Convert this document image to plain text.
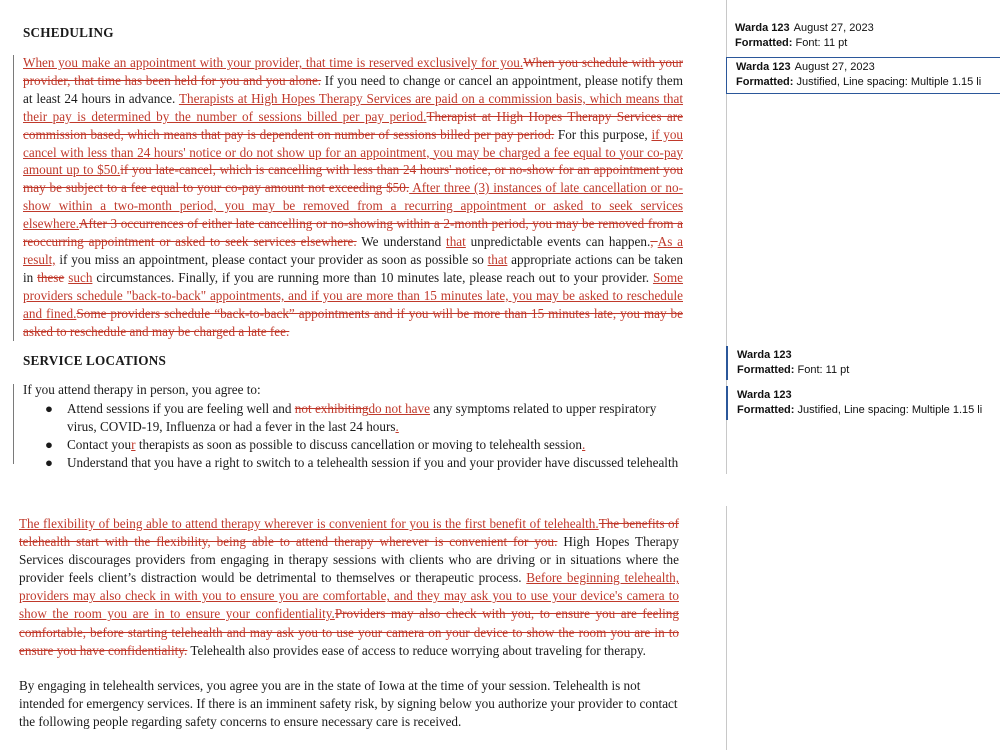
SCHEDULING
When you make an appointment with your provider, that time is reserved exclusively for you.When you schedule with your provider, that time has been held for you and you alone. If you need to change or cancel an appointment, please notify them at least 24 hours in advance. Therapists at High Hopes Therapy Services are paid on a commission basis, which means that their pay is determined by the number of sessions billed per pay period.Therapist at High Hopes Therapy Services are commission based, which means that pay is dependent on number of sessions billed per pay period. For this purpose, if you cancel with less than 24 hours' notice or do not show up for an appointment, you may be charged a fee equal to your co-pay amount up to $50.if you late-cancel, which is cancelling with less than 24 hours' notice, or no-show for an appointment you may be subject to a fee equal to your co-pay amount not exceeding $50. After three (3) instances of late cancellation or no-show within a two-month period, you may be removed from a recurring appointment or asked to seek services elsewhere.After 3 occurrences of either late cancelling or no-showing within a 2-month period, you may be removed from a reoccurring appointment or asked to seek services elsewhere. We understand that unpredictable events can happen., As a result, if you miss an appointment, please contact your provider as soon as possible so that appropriate actions can be taken in these such circumstances. Finally, if you are running more than 10 minutes late, please reach out to your provider. Some providers schedule "back-to-back" appointments, and if you are more than 15 minutes late, you may be asked to reschedule and fined.Some providers schedule “back-to-back” appointments and if you will be more than 15 minutes late, you may be asked to reschedule and may be charged a late fee.
SERVICE LOCATIONS
If you attend therapy in person, you agree to:
● Attend sessions if you are feeling well and not exhibitingdo not have any symptoms related to upper respiratory virus, COVID-19, Influenza or had a fever in the last 24 hours.
● Contact your therapists as soon as possible to discuss cancellation or moving to telehealth session.
● Understand that you have a right to switch to a telehealth session if you and your provider have discussed telehealth
Warda 123 August 27, 2023
Formatted: Font: 11 pt
Warda 123 August 27, 2023
Formatted: Justified, Line spacing: Multiple 1.15 li
Warda 123
Formatted: Font: 11 pt
Warda 123
Formatted: Justified, Line spacing: Multiple 1.15 li
The flexibility of being able to attend therapy wherever is convenient for you is the first benefit of telehealth.The benefits of telehealth start with the flexibility, being able to attend therapy wherever is convenient for you. High Hopes Therapy Services discourages providers from engaging in therapy sessions with clients who are driving or in situations where the provider feels client’s distraction would be detrimental to themselves or therapeutic process. Before beginning telehealth, providers may also check in with you to ensure you are comfortable, and they may ask you to use your device's camera to show the room you are in to ensure your confidentiality.Providers may also check with you, to ensure you are feeling comfortable, before starting telehealth and may ask you to use your camera on your device to show the room you are in to ensure you have confidentiality. Telehealth also provides ease of access to reduce worrying about traveling for therapy.
By engaging in telehealth services, you agree you are in the state of Iowa at the time of your session. Telehealth is not intended for emergency services. If there is an imminent safety risk, by signing below you authorize your provider to contact the following people regarding safety concerns to ensure necessary care is received.
